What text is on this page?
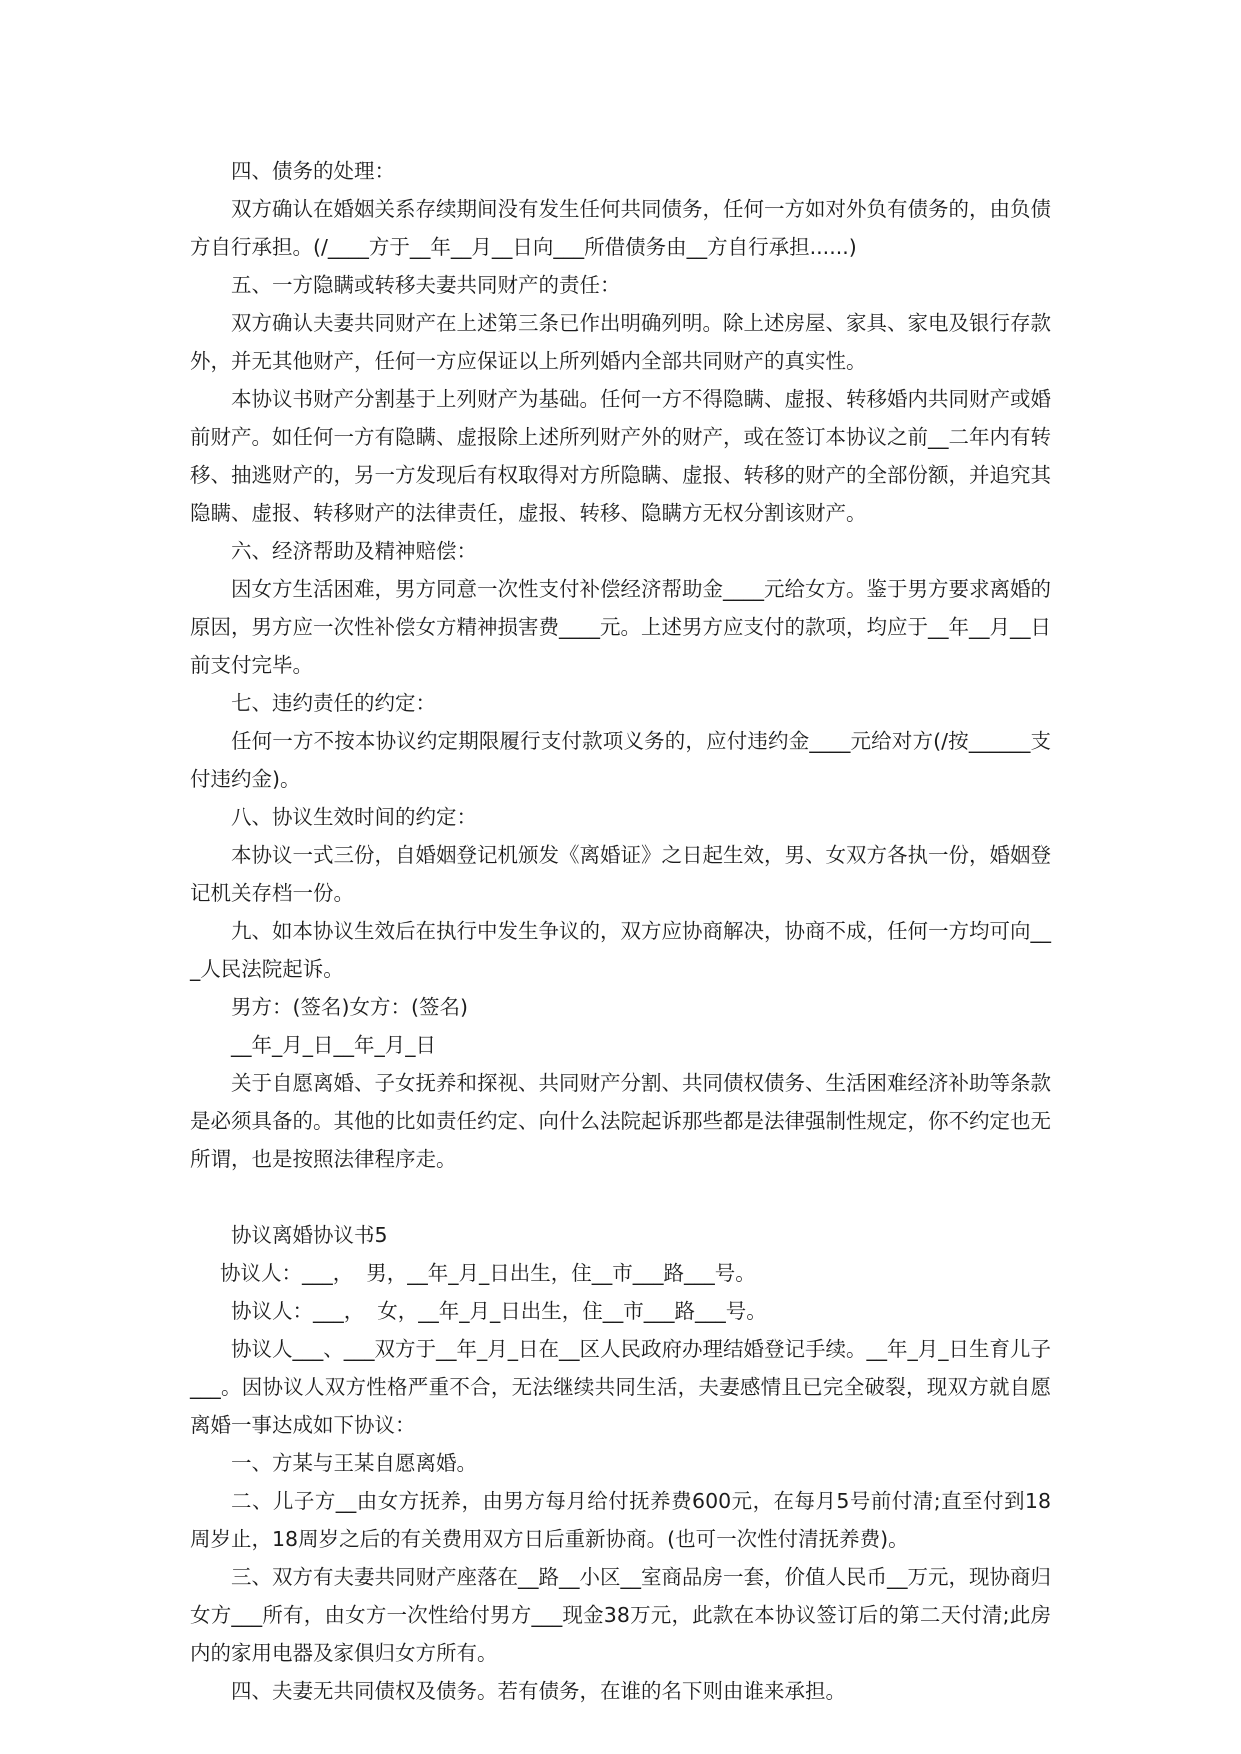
四、债务的处理：

双方确认在婚姻关系存续期间没有发生任何共同债务，任何一方如对外负有债务的，由负债方自行承担。(/____方于__年__月__日向___所借债务由__方自行承担......)

五、一方隐瞒或转移夫妻共同财产的责任：

双方确认夫妻共同财产在上述第三条已作出明确列明。除上述房屋、家具、家电及银行存款外，并无其他财产，任何一方应保证以上所列婚内全部共同财产的真实性。

本协议书财产分割基于上列财产为基础。任何一方不得隐瞒、虚报、转移婚内共同财产或婚前财产。如任何一方有隐瞒、虚报除上述所列财产外的财产，或在签订本协议之前__二年内有转移、抽逃财产的，另一方发现后有权取得对方所隐瞒、虚报、转移的财产的全部份额，并追究其隐瞒、虚报、转移财产的法律责任，虚报、转移、隐瞒方无权分割该财产。

六、经济帮助及精神赔偿：

因女方生活困难，男方同意一次性支付补偿经济帮助金____元给女方。鉴于男方要求离婚的原因，男方应一次性补偿女方精神损害费____元。上述男方应支付的款项，均应于__年__月__日前支付完毕。

七、违约责任的约定：

任何一方不按本协议约定期限履行支付款项义务的，应付违约金____元给对方(/按______支付违约金)。

八、协议生效时间的约定：

本协议一式三份，自婚姻登记机颁发《离婚证》之日起生效，男、女双方各执一份，婚姻登记机关存档一份。

九、如本协议生效后在执行中发生争议的，双方应协商解决，协商不成，任何一方均可向___人民法院起诉。

男方：(签名)女方：(签名)

__年_月_日__年_月_日

关于自愿离婚、子女抚养和探视、共同财产分割、共同债权债务、生活困难经济补助等条款是必须具备的。其他的比如责任约定、向什么法院起诉那些都是法律强制性规定，你不约定也无所谓，也是按照法律程序走。

协议离婚协议书5

协议人：___，  男，__年_月_日出生，住__市___路___号。

协议人：___，  女，__年_月_日出生，住__市___路___号。

协议人___、___双方于__年_月_日在__区人民政府办理结婚登记手续。__年_月_日生育儿子___。因协议人双方性格严重不合，无法继续共同生活，夫妻感情且已完全破裂，现双方就自愿离婚一事达成如下协议：

一、方某与王某自愿离婚。

二、儿子方__由女方抚养，由男方每月给付抚养费600元，在每月5号前付清;直至付到18周岁止，18周岁之后的有关费用双方日后重新协商。(也可一次性付清抚养费)。

三、双方有夫妻共同财产座落在__路__小区__室商品房一套，价值人民币__万元，现协商归女方___所有，由女方一次性给付男方___现金38万元，此款在本协议签订后的第二天付清;此房内的家用电器及家俱归女方所有。

四、夫妻无共同债权及债务。若有债务，在谁的名下则由谁来承担。
